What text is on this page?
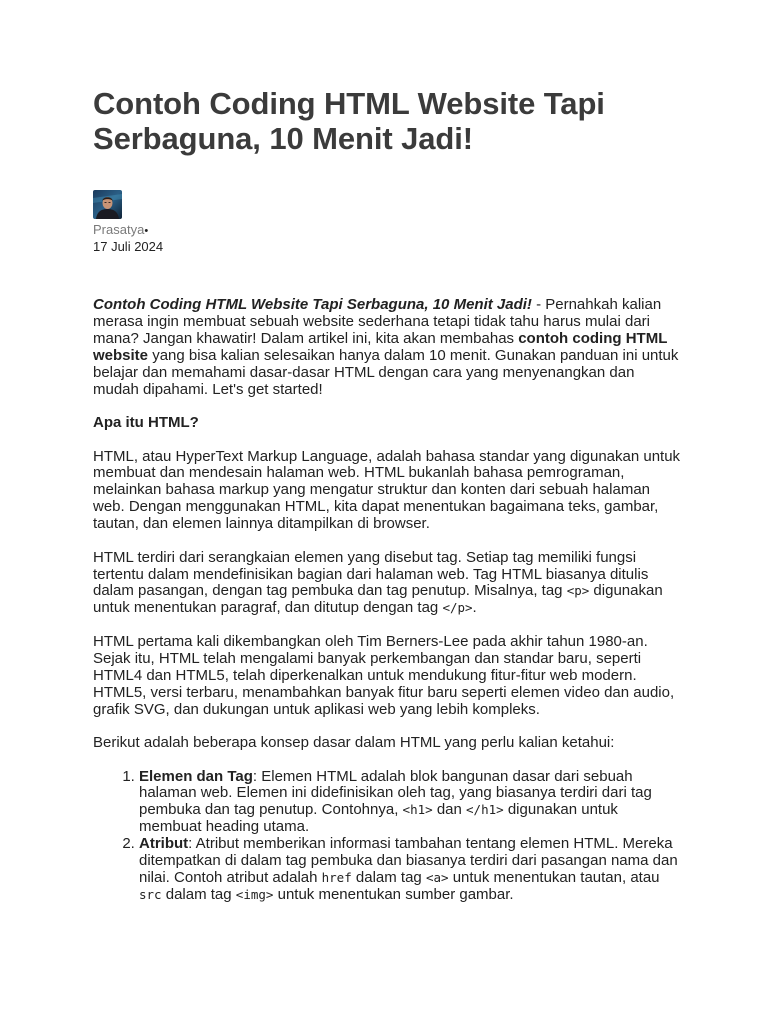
Contoh Coding HTML Website Tapi Serbaguna, 10 Menit Jadi!
Prasatya•
17 Juli 2024

Contoh Coding HTML Website Tapi Serbaguna, 10 Menit Jadi! - Pernahkah kalian merasa ingin membuat sebuah website sederhana tetapi tidak tahu harus mulai dari mana? Jangan khawatir! Dalam artikel ini, kita akan membahas contoh coding HTML website yang bisa kalian selesaikan hanya dalam 10 menit. Gunakan panduan ini untuk belajar dan memahami dasar-dasar HTML dengan cara yang menyenangkan dan mudah dipahami. Let's get started!

Apa itu HTML?

HTML, atau HyperText Markup Language, adalah bahasa standar yang digunakan untuk membuat dan mendesain halaman web. HTML bukanlah bahasa pemrograman, melainkan bahasa markup yang mengatur struktur dan konten dari sebuah halaman web. Dengan menggunakan HTML, kita dapat menentukan bagaimana teks, gambar, tautan, dan elemen lainnya ditampilkan di browser.

HTML terdiri dari serangkaian elemen yang disebut tag. Setiap tag memiliki fungsi tertentu dalam mendefinisikan bagian dari halaman web. Tag HTML biasanya ditulis dalam pasangan, dengan tag pembuka dan tag penutup. Misalnya, tag <p> digunakan untuk menentukan paragraf, dan ditutup dengan tag </p>.

HTML pertama kali dikembangkan oleh Tim Berners-Lee pada akhir tahun 1980-an. Sejak itu, HTML telah mengalami banyak perkembangan dan standar baru, seperti HTML4 dan HTML5, telah diperkenalkan untuk mendukung fitur-fitur web modern. HTML5, versi terbaru, menambahkan banyak fitur baru seperti elemen video dan audio, grafik SVG, dan dukungan untuk aplikasi web yang lebih kompleks.

Berikut adalah beberapa konsep dasar dalam HTML yang perlu kalian ketahui:

1. Elemen dan Tag: Elemen HTML adalah blok bangunan dasar dari sebuah halaman web. Elemen ini didefinisikan oleh tag, yang biasanya terdiri dari tag pembuka dan tag penutup. Contohnya, <h1> dan </h1> digunakan untuk membuat heading utama.
2. Atribut: Atribut memberikan informasi tambahan tentang elemen HTML. Mereka ditempatkan di dalam tag pembuka dan biasanya terdiri dari pasangan nama dan nilai. Contoh atribut adalah href dalam tag <a> untuk menentukan tautan, atau src dalam tag <img> untuk menentukan sumber gambar.
